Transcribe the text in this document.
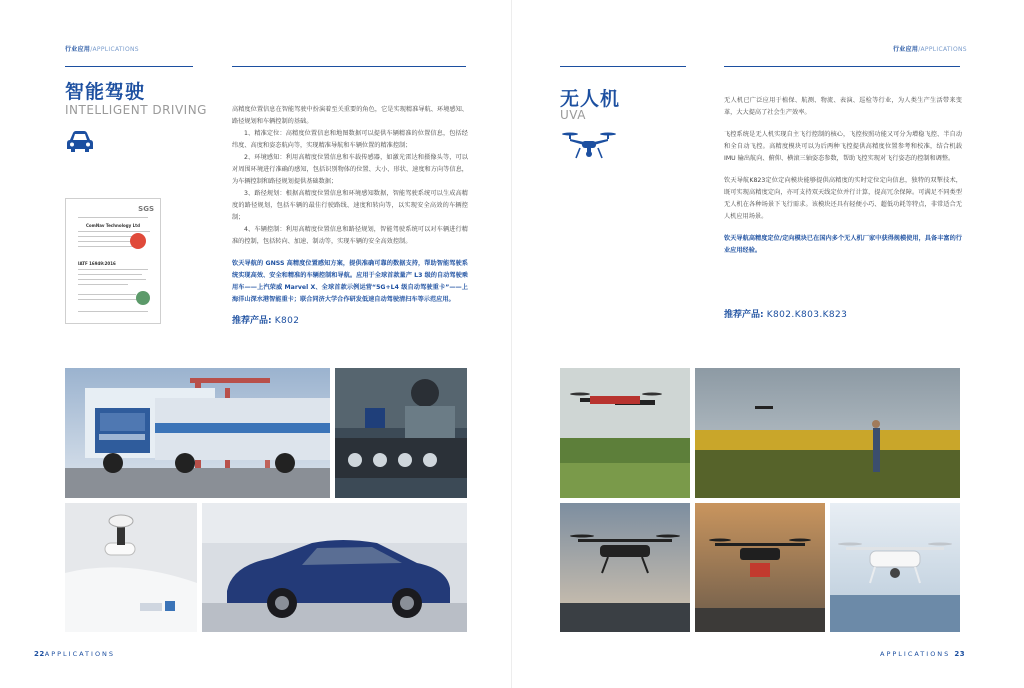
行业应用/APPLICATIONS
智能驾驶
INTELLIGENT DRIVING
SGS
ComNav Technology Ltd
IATF 16949:2016

高精度位置信息在智能驾驶中扮演着至关重要的角色，它是实现精准导航、环境感知、路径规划和车辆控制的基础。

1、精准定位：高精度位置信息和地图数据可以提供车辆精准的位置信息，包括经纬度、高度和姿态航向等，实现精准导航和车辆位置的精准控制；

2、环境感知：利用高精度位置信息和车载传感器，如激光雷达和摄像头等，可以对周围环境进行准确的感知，包括识别物体的位置、大小、形状、速度和方向等信息，为车辆控制和路径规划提供基础数据；

3、路径规划：根据高精度位置信息和环境感知数据，智能驾驶系统可以生成高精度的路径规划，包括车辆的最佳行驶路线、速度和转向等，以实现安全高效的车辆控制；

4、车辆控制：利用高精度位置信息和路径规划，智能驾驶系统可以对车辆进行精准的控制，包括转向、加速、制动等，实现车辆的安全高效控制。

钦天导航的 GNSS 高精度位置感知方案，提供准确可靠的数据支持，帮助智能驾驶系统实现高效、安全和精准的车辆控制和导航。应用于全球首款量产 L3 级的自动驾驶乘用车——上汽荣威 Marvel X、全球首款示例运营“5G+L4 级自动驾驶重卡”——上海洋山深水港智能重卡；联合同济大学合作研发低速自动驾驶清扫车等示范应用。

推荐产品: K802
22APPLICATIONS
行业应用/APPLICATIONS
无人机
UVA

无人机已广泛应用于植保、航测、物流、表演、巡检等行业，为人类生产生活带来变革，大大提高了社会生产效率。

飞控系统是无人机实现自主飞行控制的核心，飞控按照功能又可分为增稳飞控、半自动和全自动飞控。高精度模块可以为后两种飞控提供高精度位置参考和校准，结合机载 IMU 输出航向、俯仰、横滚三轴姿态参数，帮助飞控实现对飞行姿态的控制和调整。

钦天导航K823定位定向模块能够提供高精度的实时定位定向信息，独特的双掣技术，既可实现高精度定向，亦可支持双天线定位并行计算，提高冗余保障。可满足不同类型无人机在各种场景下飞行需求。该模块还具有轻便小巧、超低功耗等特点，非常适合无人机应用场景。

钦天导航高精度定位/定向模块已在国内多个无人机厂家中获得规模使用，具备丰富的行业应用经验。

推荐产品: K802.K803.K823
APPLICATIONS 23
